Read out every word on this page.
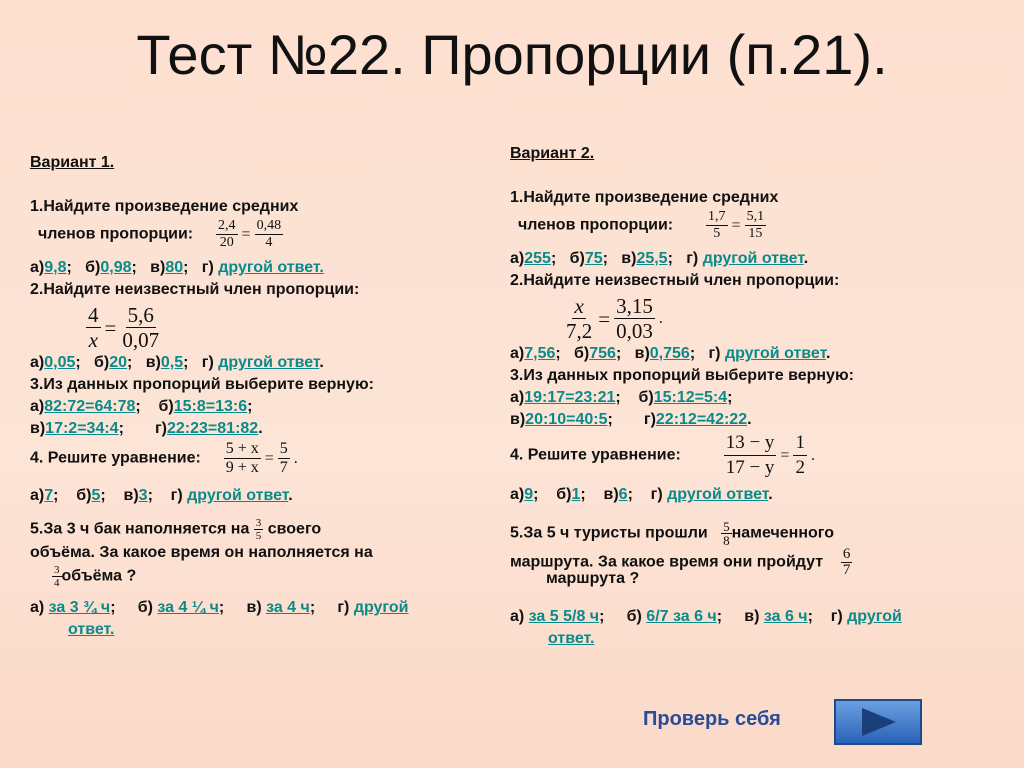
Тест №22. Пропорции (п.21).
Вариант 1.
1.Найдите произведение средних
членов пропорции: $\frac{2,4}{20} = \frac{0,48}{4}$
а)9,8;   б)0,98;   в)80;   г) другой ответ.
2.Найдите неизвестный член пропорции:
$\frac{4}{x} = \frac{5,6}{0,07}$
а)0,05;   б)20;   в)0,5;   г) другой ответ.
3.Из данных пропорций выберите верную:
а)82:72=64:78;    б)15:8=13:6;
в)17:2=34:4;       г)22:23=81:82.
4. Решите уравнение: $\frac{5 + x}{9 + x} = \frac{5}{7}$ .
а)7;    б)5;    в)3;    г) другой ответ.
5.За 3 ч бак наполняется на $\frac{3}{5}$ своего
объёма. За какое время он наполняется на
$\frac{3}{4}$ объёма ?
а) за 3 ¾ ч;     б) за 4 ¼ ч;     в) за 4 ч;     г) другой
ответ.
Вариант 2.
1.Найдите произведение средних
членов пропорции: $\frac{1,7}{5} = \frac{5,1}{15}$
а)255;   б)75;   в)25,5;   г) другой ответ.
2.Найдите неизвестный член пропорции:
$\frac{x}{7,2} = \frac{3,15}{0,03}$ .
а)7,56;   б)756;   в)0,756;   г) другой ответ.
3.Из данных пропорций выберите верную:
а)19:17=23:21;    б)15:12=5:4;
в)20:10=40:5;       г)22:12=42:22.
4. Решите уравнение: $\frac{13 - y}{17 - y} = \frac{1}{2}$ .
а)9;    б)1;    в)6;    г) другой ответ.
5.За 5 ч туристы прошли $\frac{5}{8}$ намеченного
маршрута. За какое время они пройдут $\frac{6}{7}$
маршрута ?
а) за 5 5/8 ч;     б) 6/7 за 6 ч;     в) за 6 ч;    г) другой
ответ.
Проверь себя
